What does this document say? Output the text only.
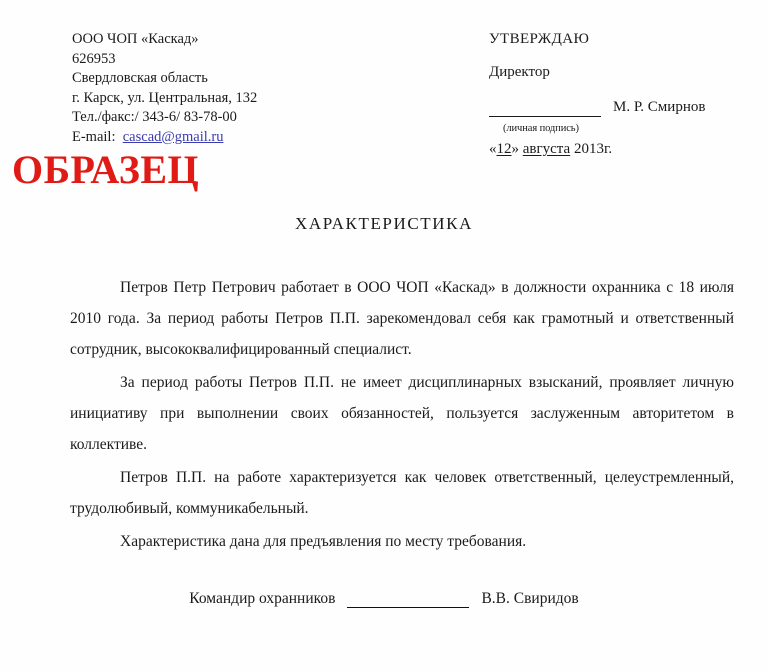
ООО ЧОП «Каскад»
626953
Свердловская область
г. Карск, ул. Центральная, 132
Тел./факс:/ 343-6/ 83-78-00
E-mail: cascad@gmail.ru
УТВЕРЖДАЮ
Директор
М. Р. Смирнов
(личная подпись)
«12» августа 2013г.
ОБРАЗЕЦ
ХАРАКТЕРИСТИКА

Петров Петр Петрович работает в ООО ЧОП «Каскад» в должности охранника с 18 июля 2010 года. За период работы Петров П.П. зарекомендовал себя как грамотный и ответственный сотрудник, высококвалифицированный специалист.

За период работы Петров П.П. не имеет дисциплинарных взысканий, проявляет личную инициативу при выполнении своих обязанностей, пользуется заслуженным авторитетом в коллективе.

Петров П.П. на работе характеризуется как человек ответственный, целеустремленный, трудолюбивый, коммуникабельный.

Характеристика дана для предъявления по месту требования.

Командир охранников	В.В. Свиридов
